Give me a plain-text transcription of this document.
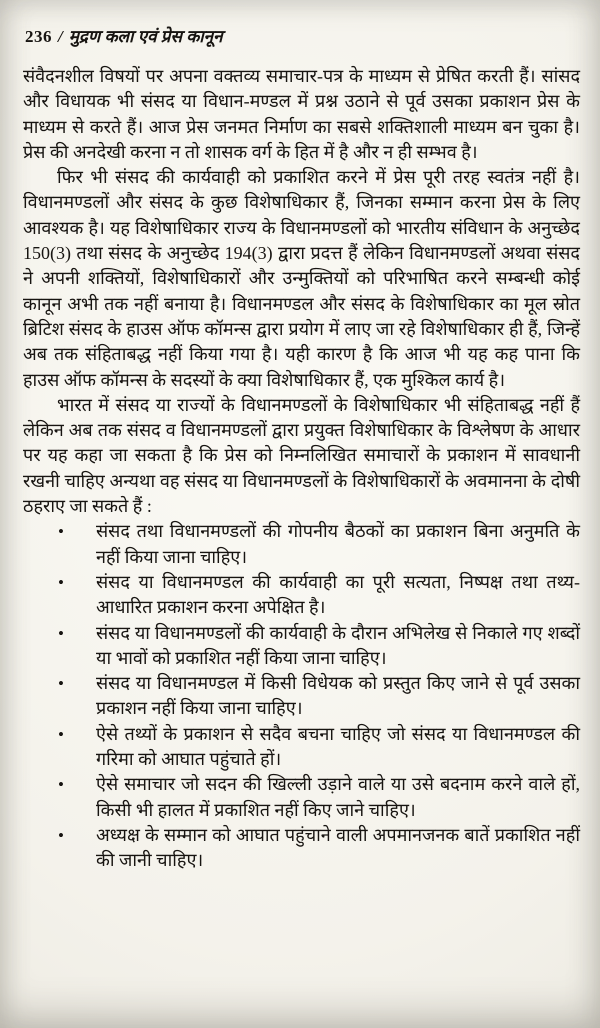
236 / मुद्रण कला एवं प्रेस कानून

संवैदनशील विषयों पर अपना वक्तव्य समाचार-पत्र के माध्यम से प्रेषित करती हैं। सांसद और विधायक भी संसद या विधान-मण्डल में प्रश्न उठाने से पूर्व उसका प्रकाशन प्रेस के माध्यम से करते हैं। आज प्रेस जनमत निर्माण का सबसे शक्तिशाली माध्यम बन चुका है। प्रेस की अनदेखी करना न तो शासक वर्ग के हित में है और न ही सम्भव है।

फिर भी संसद की कार्यवाही को प्रकाशित करने में प्रेस पूरी तरह स्वतंत्र नहीं है। विधानमण्डलों और संसद के कुछ विशेषाधिकार हैं, जिनका सम्मान करना प्रेस के लिए आवश्यक है। यह विशेषाधिकार राज्य के विधानमण्डलों को भारतीय संविधान के अनुच्छेद 150(3) तथा संसद के अनुच्छेद 194(3) द्वारा प्रदत्त हैं लेकिन विधानमण्डलों अथवा संसद ने अपनी शक्तियों, विशेषाधिकारों और उन्मुक्तियों को परिभाषित करने सम्बन्धी कोई कानून अभी तक नहीं बनाया है। विधानमण्डल और संसद के विशेषाधिकार का मूल स्रोत ब्रिटिश संसद के हाउस ऑफ कॉमन्स द्वारा प्रयोग में लाए जा रहे विशेषाधिकार ही हैं, जिन्हें अब तक संहिताबद्ध नहीं किया गया है। यही कारण है कि आज भी यह कह पाना कि हाउस ऑफ कॉमन्स के सदस्यों के क्या विशेषाधिकार हैं, एक मुश्किल कार्य है।

भारत में संसद या राज्यों के विधानमण्डलों के विशेषाधिकार भी संहिताबद्ध नहीं हैं लेकिन अब तक संसद व विधानमण्डलों द्वारा प्रयुक्त विशेषाधिकार के विश्लेषण के आधार पर यह कहा जा सकता है कि प्रेस को निम्नलिखित समाचारों के प्रकाशन में सावधानी रखनी चाहिए अन्यथा वह संसद या विधानमण्डलों के विशेषाधिकारों के अवमानना के दोषी ठहराए जा सकते हैं :

•	संसद तथा विधानमण्डलों की गोपनीय बैठकों का प्रकाशन बिना अनुमति के नहीं किया जाना चाहिए।
•	संसद या विधानमण्डल की कार्यवाही का पूरी सत्यता, निष्पक्ष तथा तथ्य-आधारित प्रकाशन करना अपेक्षित है।
•	संसद या विधानमण्डलों की कार्यवाही के दौरान अभिलेख से निकाले गए शब्दों या भावों को प्रकाशित नहीं किया जाना चाहिए।
•	संसद या विधानमण्डल में किसी विधेयक को प्रस्तुत किए जाने से पूर्व उसका प्रकाशन नहीं किया जाना चाहिए।
•	ऐसे तथ्यों के प्रकाशन से सदैव बचना चाहिए जो संसद या विधानमण्डल की गरिमा को आघात पहुंचाते हों।
•	ऐसे समाचार जो सदन की खिल्ली उड़ाने वाले या उसे बदनाम करने वाले हों, किसी भी हालत में प्रकाशित नहीं किए जाने चाहिए।
•	अध्यक्ष के सम्मान को आघात पहुंचाने वाली अपमानजनक बातें प्रकाशित नहीं की जानी चाहिए।
